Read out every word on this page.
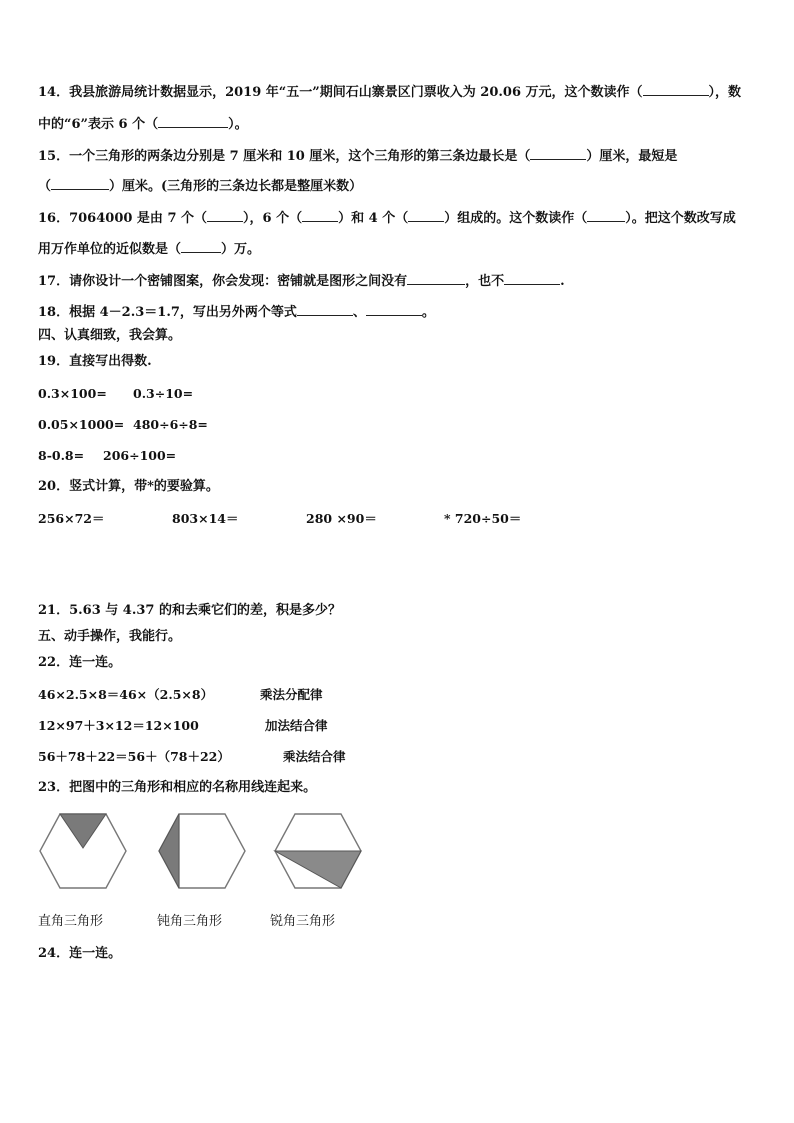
14．我县旅游局统计数据显示，2019 年“五一”期间石山寨景区门票收入为 20.06 万元，这个数读作（	），数
中的“6”表示 6 个（	）。
15．一个三角形的两条边分别是 7 厘米和 10 厘米，这个三角形的第三条边最长是（	）厘米，最短是
（	）厘米。(三角形的三条边长都是整厘米数）
16．7064000 是由 7 个（	），6 个（	）和 4 个（	）组成的。这个数读作（	）。把这个数改写成
用万作单位的近似数是（	）万。
17．请你设计一个密铺图案，你会发现：密铺就是图形之间没有	，也不	.
18．根据 4－2.3＝1.7，写出另外两个等式	、	。
四、认真细致，我会算。
19．直接写出得数.
0.3×100= 0.3÷10=
0.05×1000= 480÷6÷8=
8-0.8= 206÷100=
20．竖式计算，带*的要验算。
256×72＝	803×14＝	280 ×90＝	* 720÷50＝
21．5.63 与 4.37 的和去乘它们的差，积是多少？
五、动手操作，我能行。
22．连一连。
46×2.5×8＝46×（2.5×8）	乘法分配律
12×97＋3×12＝12×100	加法结合律
56＋78＋22＝56＋（78＋22）	乘法结合律
23．把图中的三角形和相应的名称用线连起来。
直角三角形	钝角三角形	锐角三角形
24．连一连。
